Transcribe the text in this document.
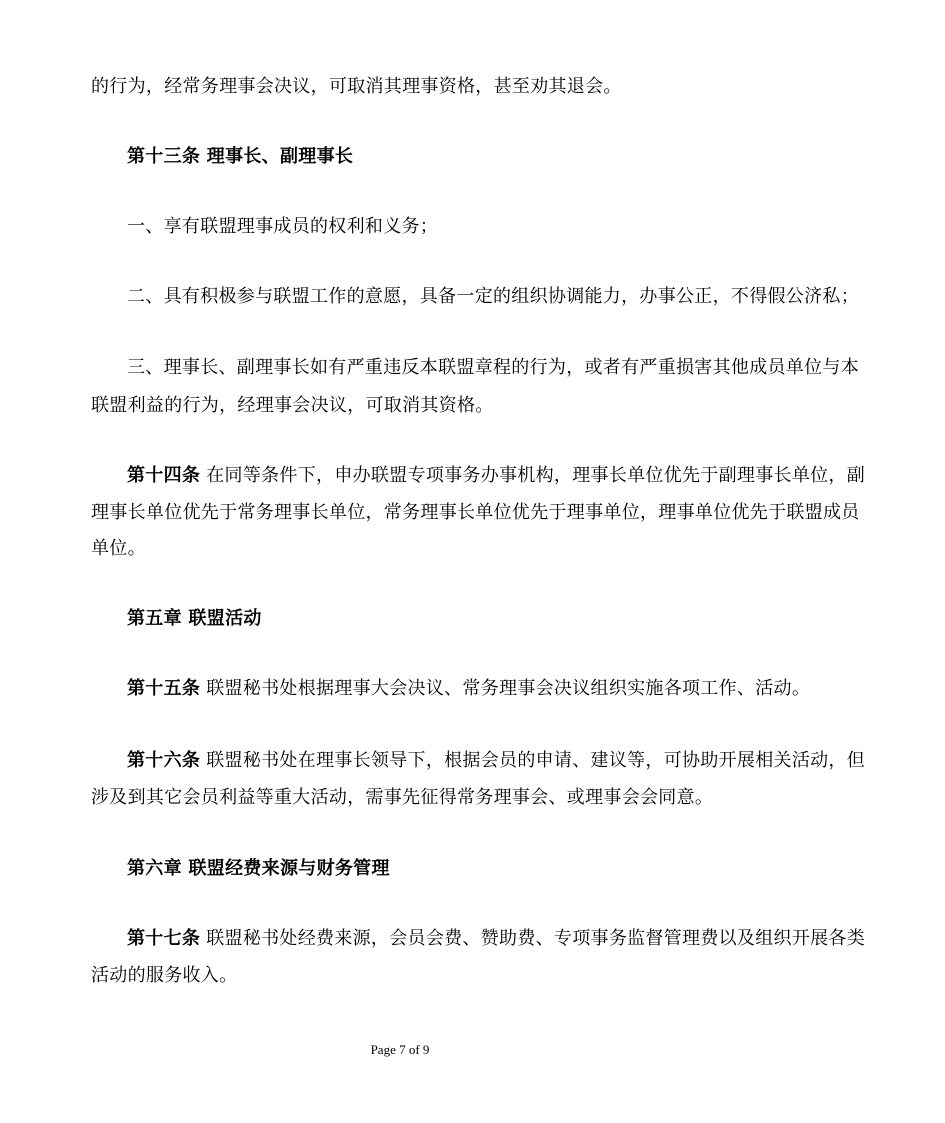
的行为，经常务理事会决议，可取消其理事资格，甚至劝其退会。
第十三条 理事长、副理事长
一、享有联盟理事成员的权利和义务；
二、具有积极参与联盟工作的意愿，具备一定的组织协调能力，办事公正，不得假公济私；
三、理事长、副理事长如有严重违反本联盟章程的行为，或者有严重损害其他成员单位与本
联盟利益的行为，经理事会决议，可取消其资格。
第十四条 在同等条件下，申办联盟专项事务办事机构，理事长单位优先于副理事长单位，副
理事长单位优先于常务理事长单位，常务理事长单位优先于理事单位，理事单位优先于联盟成员
单位。
第五章 联盟活动
第十五条 联盟秘书处根据理事大会决议、常务理事会决议组织实施各项工作、活动。
第十六条 联盟秘书处在理事长领导下，根据会员的申请、建议等，可协助开展相关活动，但
涉及到其它会员利益等重大活动，需事先征得常务理事会、或理事会会同意。
第六章 联盟经费来源与财务管理
第十七条 联盟秘书处经费来源，会员会费、赞助费、专项事务监督管理费以及组织开展各类
活动的服务收入。
Page 7 of 9
